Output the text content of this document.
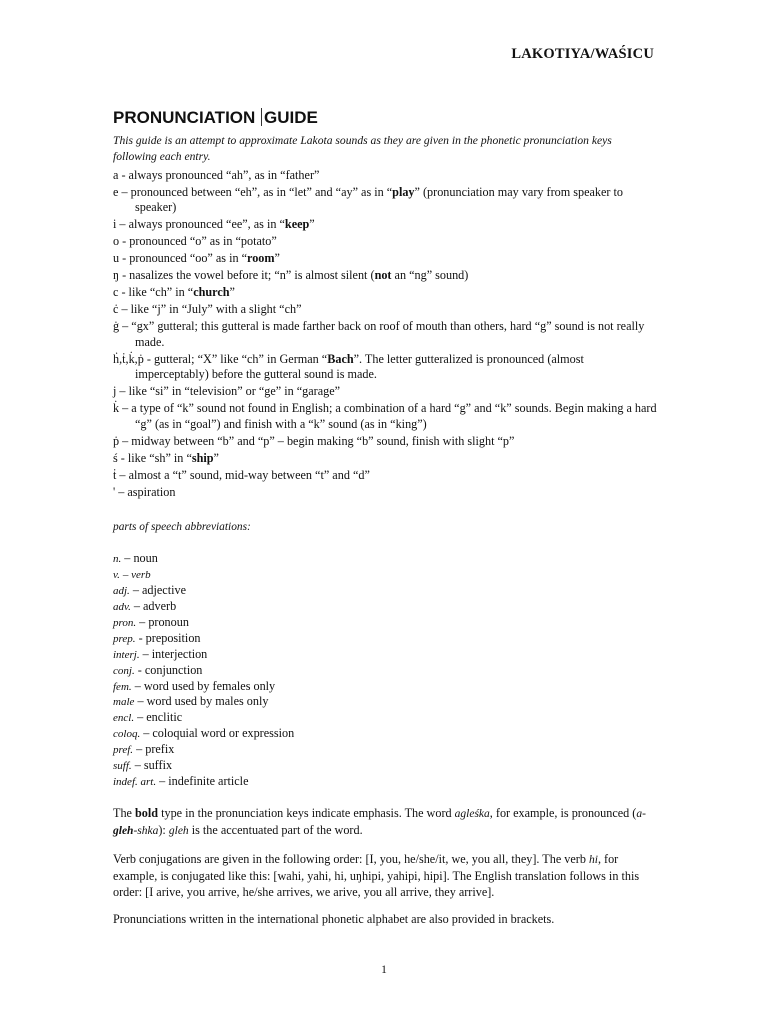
LAKOTIYA/WAŚICU
PRONUNCIATION GUIDE
This guide is an attempt to approximate Lakota sounds as they are given in the phonetic pronunciation keys following each entry.
a - always pronounced “ah”, as in “father”
e – pronounced between “eh”, as in “let” and “ay” as in “play” (pronunciation may vary from speaker to speaker)
i – always pronounced “ee”, as in “keep”
o - pronounced “o” as in “potato”
u - pronounced “oo” as in “room”
ŋ - nasalizes the vowel before it; “n” is almost silent (not an “ng” sound)
c - like “ch” in “church”
ċ – like “j” in “July” with a slight “ch”
ġ – “gx” gutteral; this gutteral is made farther back on roof of mouth than others, hard “g” sound is not really made.
ḣ,ṫ,k̇,ṗ - gutteral; “X” like “ch” in German “Bach”. The letter gutteralized is pronounced (almost imperceptably) before the gutteral sound is made.
j – like “si” in “television” or “ge” in “garage”
k̇ – a type of “k” sound not found in English; a combination of a hard “g” and “k” sounds. Begin making a hard “g” (as in “goal”) and finish with a “k” sound (as in “king”)
ṗ – midway between “b” and “p” – begin making “b” sound, finish with slight “p”
ś - like “sh” in “ship”
ṫ – almost a “t” sound, mid-way between “t” and “d”
' – aspiration
parts of speech abbreviations:
n. – noun
v. – verb
adj. – adjective
adv. – adverb
pron. – pronoun
prep. - preposition
interj. – interjection
conj. - conjunction
fem. – word used by females only
male – word used by males only
encl. – enclitic
coloq. – coloquial word or expression
pref. – prefix
suff. – suffix
indef. art. – indefinite article
The bold type in the pronunciation keys indicate emphasis. The word agleśka, for example, is pronounced (a-gleh-shka): gleh is the accentuated part of the word.
Verb conjugations are given in the following order: [I, you, he/she/it, we, you all, they]. The verb hi, for example, is conjugated like this: [wahi, yahi, hi, uŋhipi, yahipi, hipi]. The English translation follows in this order: [I arive, you arrive, he/she arrives, we arive, you all arrive, they arrive].
Pronunciations written in the international phonetic alphabet are also provided in brackets.
1
